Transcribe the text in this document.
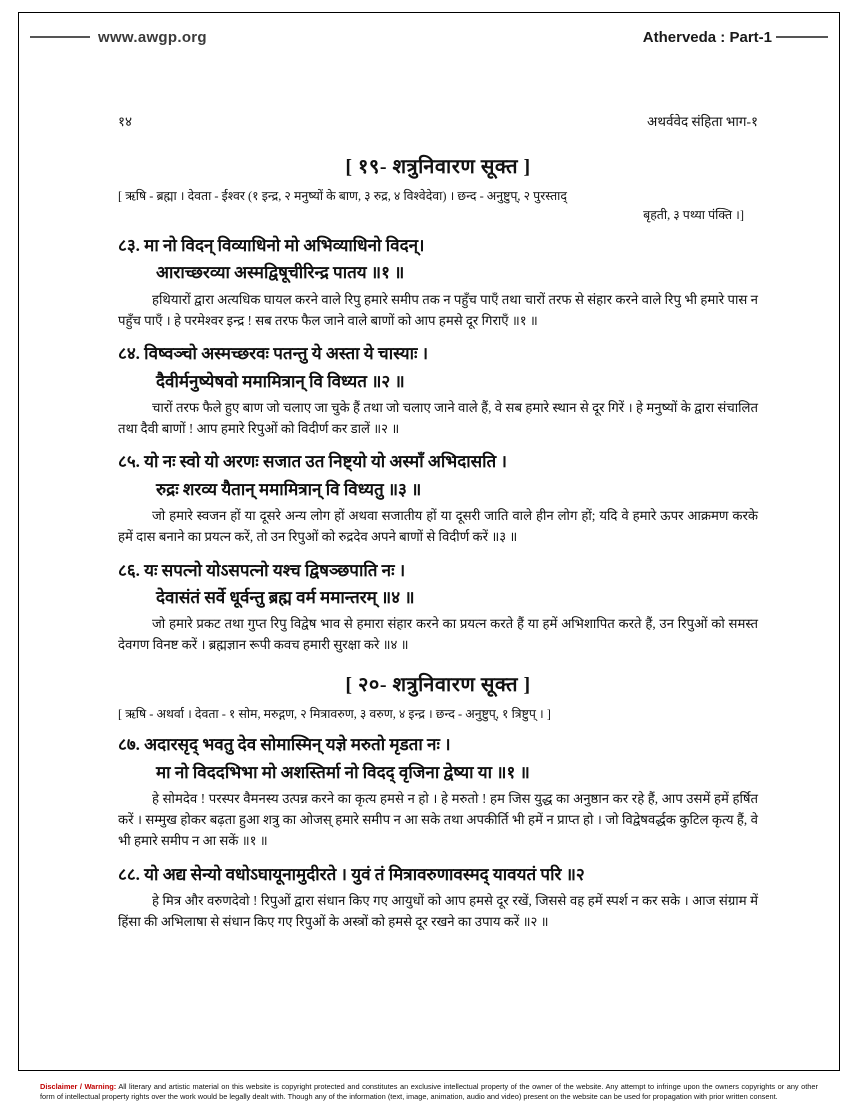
www.awgp.org	Atherveda : Part-1
१४	अथर्ववेद संहिता भाग-१
[ १९- शत्रुनिवारण सूक्त ]
[ ऋषि - ब्रह्मा । देवता - ईश्वर (१ इन्द्र, २ मनुष्यों के बाण, ३ रुद्र, ४ विश्वेदेवा) । छन्द - अनुष्टुप्, २ पुरस्ताद्
बृहती, ३ पथ्या पंक्ति ।]
८३. मा नो विदन् विव्याधिनो मो अभिव्याधिनो विदन्।
आराच्छरव्या अस्मद्विषूचीरिन्द्र पातय ॥१ ॥
हथियारों द्वारा अत्यधिक घायल करने वाले रिपु हमारे समीप तक न पहुँच पाएँ तथा चारों तरफ से संहार करने वाले रिपु भी हमारे पास न पहुँच पाएँ । हे परमेश्वर इन्द्र ! सब तरफ फैल जाने वाले बाणों को आप हमसे दूर गिराएँ ॥१ ॥
८४. विष्वञ्चो अस्मच्छरवः पतन्तु ये अस्ता ये चास्याः ।
दैवीर्मनुष्येषवो ममामित्रान् वि विध्यत ॥२ ॥
चारों तरफ फैले हुए बाण जो चलाए जा चुके हैं तथा जो चलाए जाने वाले हैं, वे सब हमारे स्थान से दूर गिरें । हे मनुष्यों के द्वारा संचालित तथा दैवी बाणों ! आप हमारे रिपुओं को विदीर्ण कर डालें ॥२ ॥
८५. यो नः स्वो यो अरणः सजात उत निष्ट्यो यो अस्माँ अभिदासति ।
रुद्रः शरव्य यैतान् ममामित्रान् वि विध्यतु ॥३ ॥
जो हमारे स्वजन हों या दूसरे अन्य लोग हों अथवा सजातीय हों या दूसरी जाति वाले हीन लोग हों; यदि वे हमारे ऊपर आक्रमण करके हमें दास बनाने का प्रयत्न करें, तो उन रिपुओं को रुद्रदेव अपने बाणों से विदीर्ण करें ॥३ ॥
८६. यः सपत्नो योऽसपत्नो यश्च द्विषञ्छपाति नः ।
देवासंतं सर्वे धूर्वन्तु ब्रह्म वर्म ममान्तरम् ॥४ ॥
जो हमारे प्रकट तथा गुप्त रिपु विद्वेष भाव से हमारा संहार करने का प्रयत्न करते हैं या हमें अभिशापित करते हैं, उन रिपुओं को समस्त देवगण विनष्ट करें । ब्रह्मज्ञान रूपी कवच हमारी सुरक्षा करे ॥४ ॥
[ २०- शत्रुनिवारण सूक्त ]
[ ऋषि - अथर्वा । देवता - १ सोम, मरुद्गण, २ मित्रावरुण, ३ वरुण, ४ इन्द्र । छन्द - अनुष्टुप्, १ त्रिष्टुप् । ]
८७. अदारसृद् भवतु देव सोमास्मिन् यज्ञे मरुतो मृडता नः ।
मा नो विददभिभा मो अशस्तिर्मा नो विदद् वृजिना द्वेष्या या ॥१ ॥
हे सोमदेव ! परस्पर वैमनस्य उत्पन्न करने का कृत्य हमसे न हो । हे मरुतो ! हम जिस युद्ध का अनुष्ठान कर रहे हैं, आप उसमें हमें हर्षित करें । सम्मुख होकर बढ़ता हुआ शत्रु का ओजस् हमारे समीप न आ सके तथा अपकीर्ति भी हमें न प्राप्त हो । जो विद्वेषवर्द्धक कुटिल कृत्य हैं, वे भी हमारे समीप न आ सकें ॥१ ॥
८८. यो अद्य सेन्यो वधोऽघायूनामुदीरते । युवं तं मित्रावरुणावस्मद् यावयतं परि ॥२
हे मित्र और वरुणदेवो ! रिपुओं द्वारा संधान किए गए आयुधों को आप हमसे दूर रखें, जिससे वह हमें स्पर्श न कर सके । आज संग्राम में हिंसा की अभिलाषा से संधान किए गए रिपुओं के अस्त्रों को हमसे दूर रखने का उपाय करें ॥२ ॥
Disclaimer / Warning: All literary and artistic material on this website is copyright protected and constitutes an exclusive intellectual property of the owner of the website. Any attempt to infringe upon the owners copyrights or any other form of intellectual property rights over the work would be legally dealt with. Though any of the information (text, image, animation, audio and video) present on the website can be used for propagation with prior written consent.
